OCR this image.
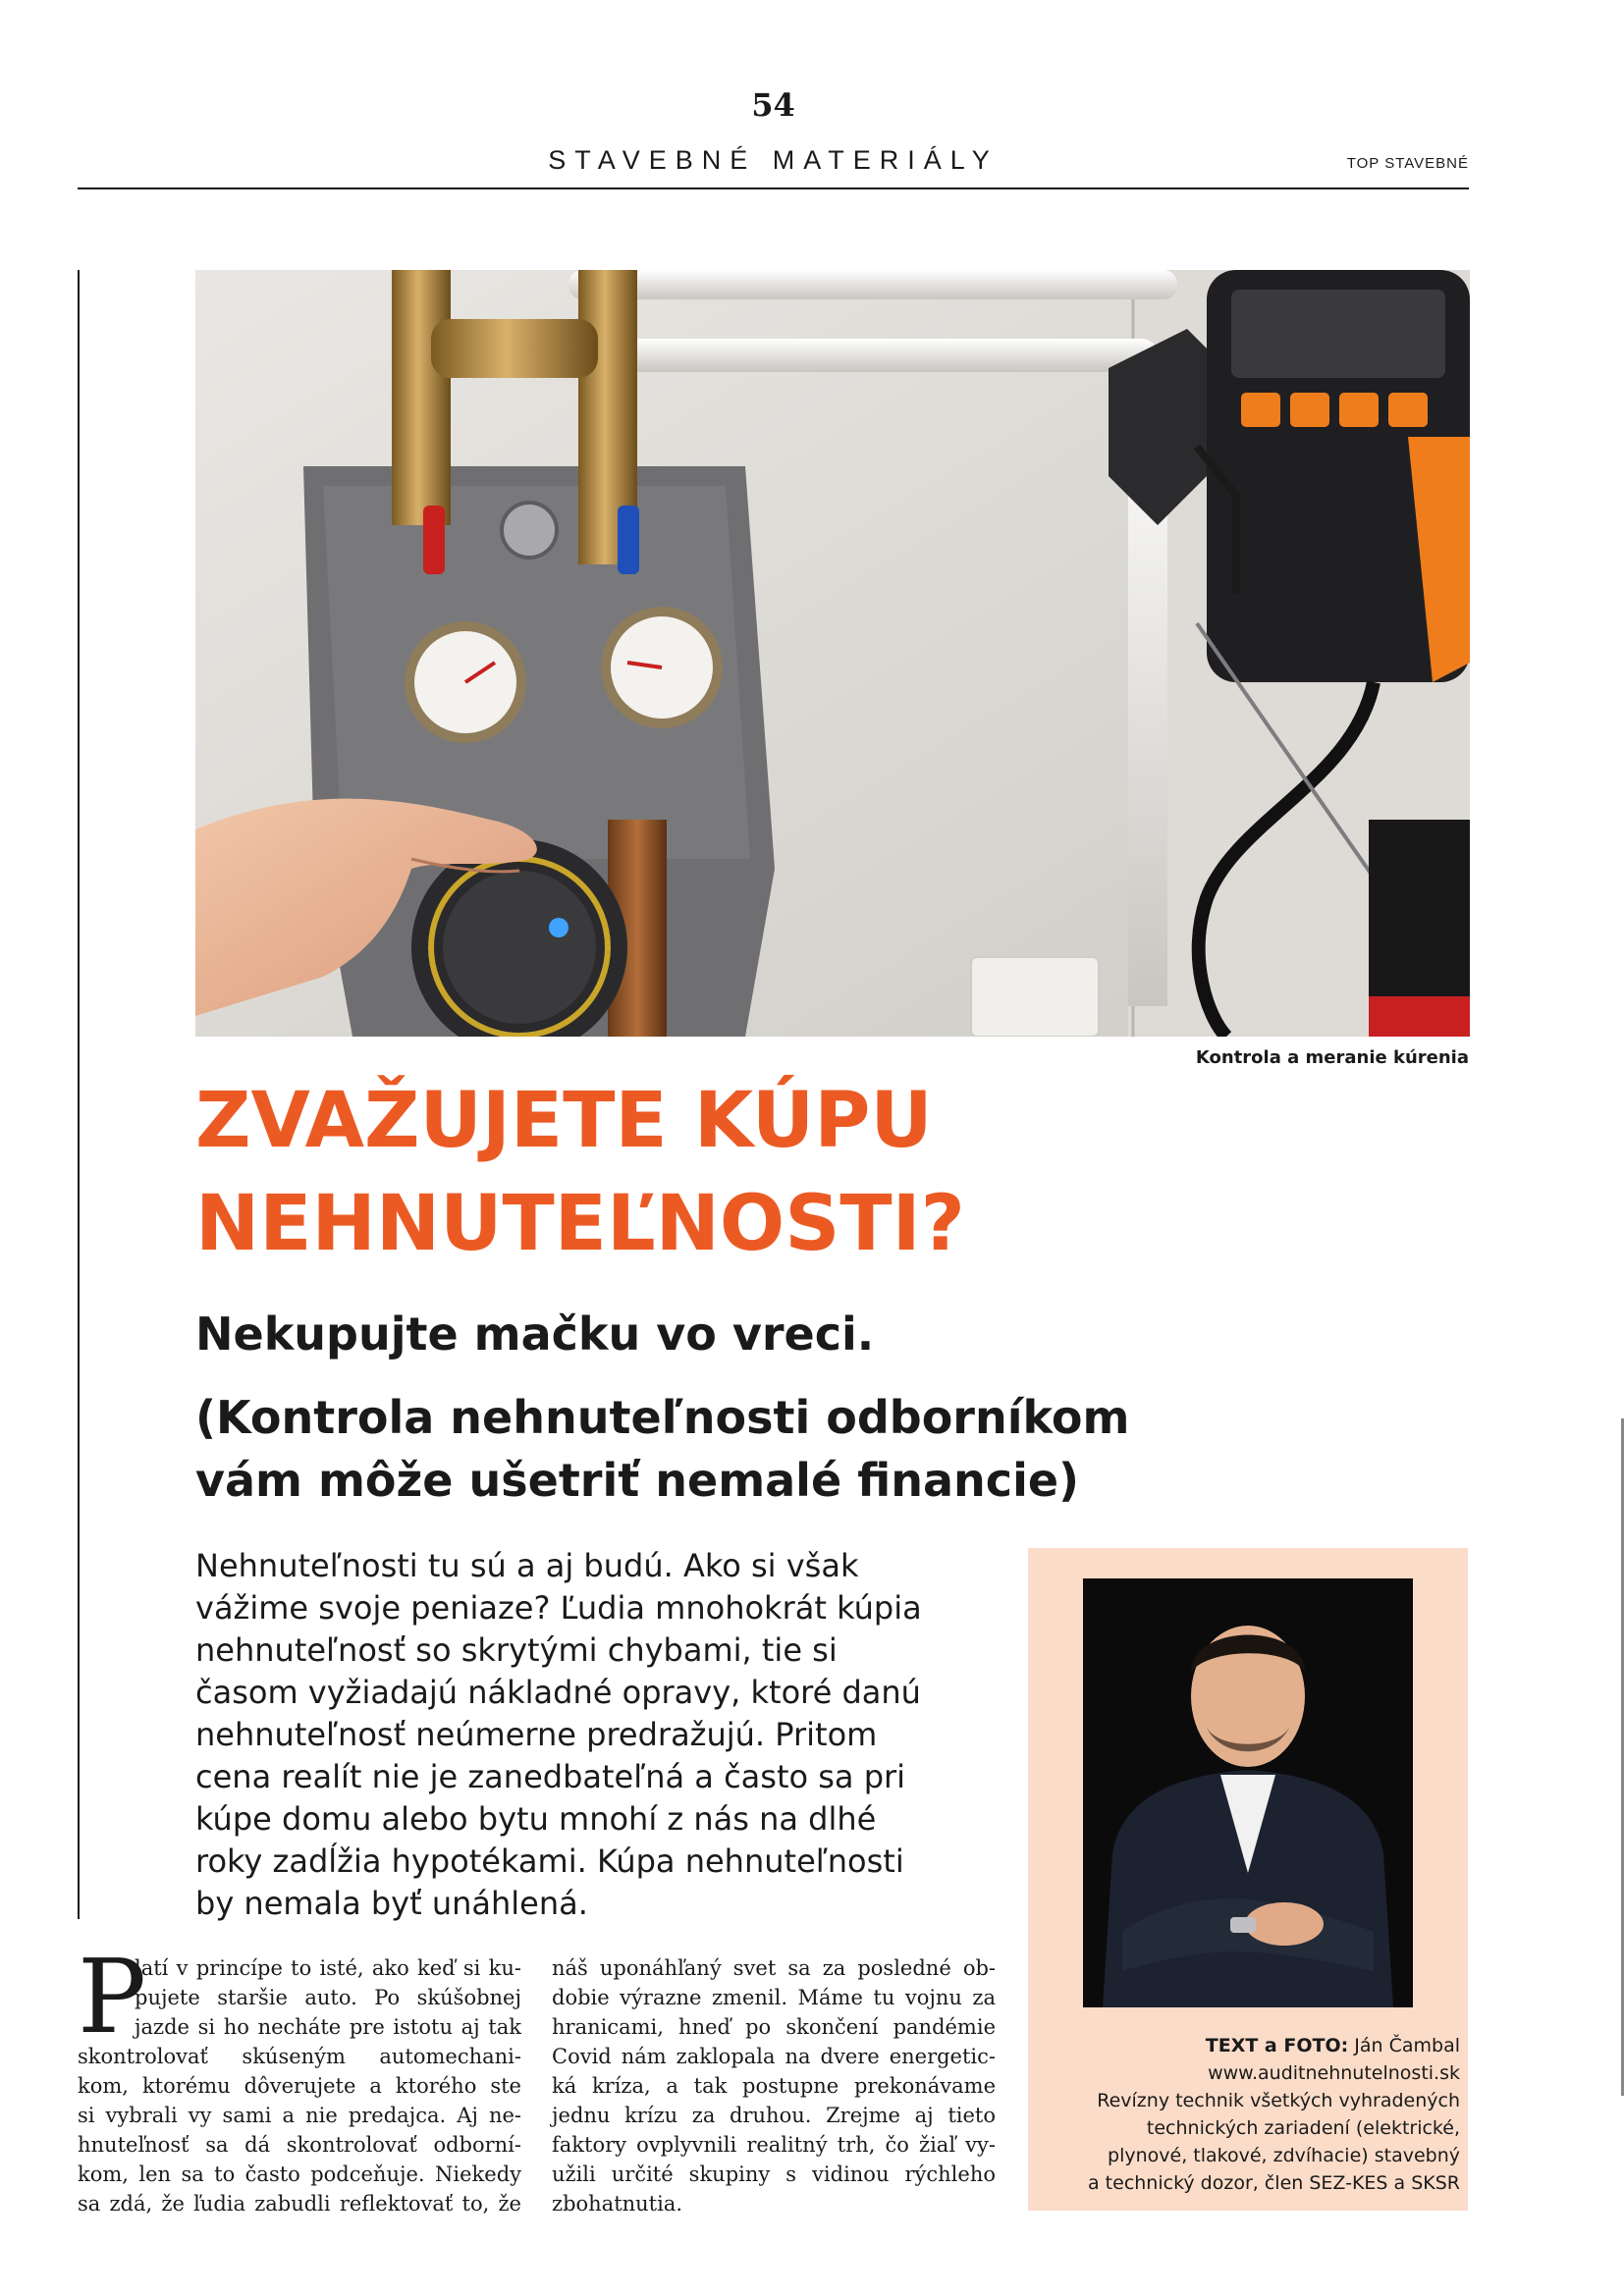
54
STAVEBNÉ MATERIÁLY	TOP STAVEBNÉ
Kontrola a meranie kúrenia
ZVAŽUJETE KÚPU
NEHNUTEĽNOSTI?
Nekupujte mačku vo vreci.
(Kontrola nehnuteľnosti odborníkom
vám môže ušetriť nemalé financie)
Nehnuteľnosti tu sú a aj budú. Ako si však
vážime svoje peniaze? Ľudia mnohokrát kúpia
nehnuteľnosť so skrytými chybami, tie si
časom vyžiadajú nákladné opravy, ktoré danú
nehnuteľnosť neúmerne predražujú. Pritom
cena realít nie je zanedbateľná a často sa pri
kúpe domu alebo bytu mnohí z nás na dlhé
roky zadĺžia hypotékami. Kúpa nehnuteľnosti
by nemala byť unáhlená.
TEXT a FOTO: Ján Čambal
www.auditnehnutelnosti.sk
Revízny technik všetkých vyhradených
technických zariadení (elektrické,
plynové, tlakové, zdvíhacie) stavebný
a technický dozor, člen SEZ-KES a SKSR
P
latí v princípe to isté, ako keď si ku-
pujete staršie auto. Po skúšobnej
jazde si ho necháte pre istotu aj tak
skontrolovať skúseným automechani-
kom, ktorému dôverujete a ktorého ste
si vybrali vy sami a nie predajca. Aj ne-
hnuteľnosť sa dá skontrolovať odborní-
kom, len sa to často podceňuje. Niekedy
sa zdá, že ľudia zabudli reflektovať to, že
náš uponáhľaný svet sa za posledné ob-
dobie výrazne zmenil. Máme tu vojnu za
hranicami, hneď po skončení pandémie
Covid nám zaklopala na dvere energetic-
ká kríza, a tak postupne prekonávame
jednu krízu za druhou. Zrejme aj tieto
faktory ovplyvnili realitný trh, čo žiaľ vy-
užili určité skupiny s vidinou rýchleho
zbohatnutia.
